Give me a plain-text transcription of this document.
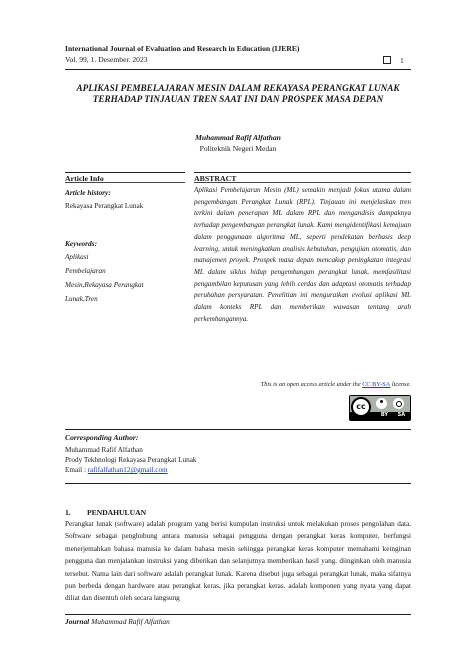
International Journal of Evaluation and Research in Education (IJERE)
Vol. 99, 1. Desember. 2023	1
APLIKASI PEMBELAJARAN MESIN DALAM REKAYASA PERANGKAT LUNAK TERHADAP TINJAUAN TREN SAAT INI DAN PROSPEK MASA DEPAN
Muhammad Rafif Alfathan
Politeknik Negeri Medan
Article Info	ABSTRACT
Article history:
Rekayasa Perangkat Lunak
Keywords:
Aplikasi
Pembelajaran
Mesin,Rekayasa Perangkat
Lunak,Tren

Aplikasi Pembelajaran Mesin (ML) semakin menjadi fokus utama dalam pengembangan Perangkat Lunak (RPL). Tinjauan ini menjelaskan tren terkini dalam penerapan ML dalam RPL dan mengandisis dampaknya terhadap pengembangan perangkat lunak. Kami mengidentifikasi kemajuan dalam penggunaan algoritma ML, seperti pendekatan berbasis deep learning, untuk meningkatkan analisis kebutuhan, pengujian otomatis, dan manajemen proyek. Prospek masa depan mencakup peningkatan integrasi ML dalam siklus hidup pengembangan perangkat lunak, memfasilitasi pengambilan keputusan yang lebih cerdas dan adaptasi otomatis terhadap perubahan persyaratan. Penelitian ini menguraikan evolusi aplikasi ML dalam konteks RPL dan memberikan wawasan tentang arah perkembangannya.

This is an open access article under the CC BY-SA license.
cc
BY SA
Corresponding Author:
Muhammad Rafif Alfathan
Prody Tekhnologi Rekayasa Perangkat Lunak
Email : rafifalfathan12@gmail.com
1. PENDAHULUAN

Perangkat lunak (software) adalah program yang berisi kumpulan instruksi untuk melakukan proses pengolahan data. Software sebagai penghubung antara manusia sebagai pengguna dengan perangkat keras komputer, berfungsi menerjemahkan bahasa manusia ke dalam bahasa mesin sehingga perangkat keras komputer memahami keinginan pengguna dan menjalankan instruksi yang diberikan dan selanjutnya memberikan hasil yang. diinginkan oleh manusia tersebut. Nama lain dari software adalah perangkat lunak. Karena disebut juga sebagai perangkat lunak, maka sifatnya pun berbeda dengan hardware atau perangkat keras, jika perangkat keras. adalah komponen yang nyata yang dapat diliat dan disentuh oleh secara langsung

Journal Muhammad Rafif Alfathan
